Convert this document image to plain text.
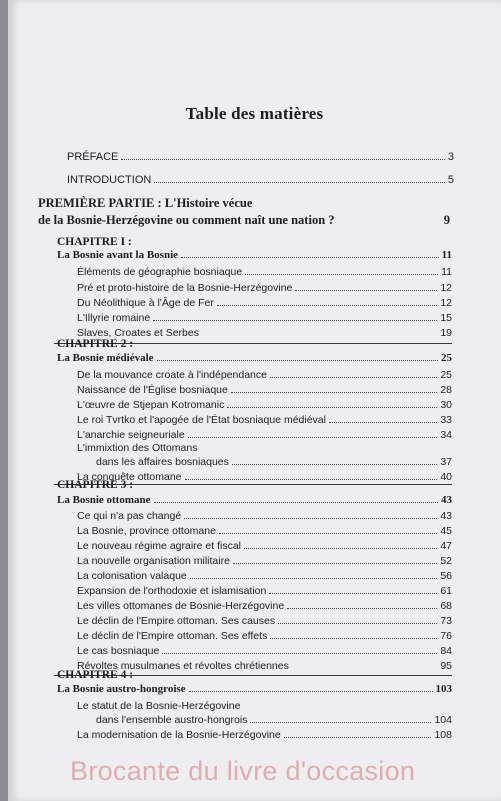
Table des matières
PRÉFACE	3
INTRODUCTION	5
PREMIÈRE PARTIE : L'Histoire vécue
de la Bosnie-Herzégovine ou comment naît une nation ?	9
CHAPITRE I :
La Bosnie avant la Bosnie	11
Éléments de géographie bosniaque	11
Pré et proto-histoire de la Bosnie-Herzégovine	12
Du Néolithique à l'Âge de Fer	12
L'Illyrie romaine	15
Slaves, Croates et Serbes	19
CHAPITRE 2 :
La Bosnie médiévale	25
De la mouvance croate à l'indépendance	25
Naissance de l'Église bosniaque	28
L'œuvre de Stjepan Kotromanic	30
Le roi Tvrtko et l'apogée de l'État bosniaque médiéval	33
L'anarchie seigneuriale	34
L'immixtion des Ottomans
dans les affaires bosniaques	37
La conquête ottomane	40
CHAPITRE 3 :
La Bosnie ottomane	43
Ce qui n'a pas changé	43
La Bosnie, province ottomane	45
Le nouveau régime agraire et fiscal	47
La nouvelle organisation militaire	52
La colonisation valaque	56
Expansion de l'orthodoxie et islamisation	61
Les villes ottomanes de Bosnie-Herzégovine	68
Le déclin de l'Empire ottoman. Ses causes	73
Le déclin de l'Empire ottoman. Ses effets	76
Le cas bosniaque	84
Révoltes musulmanes et révoltes chrétiennes	95
CHAPITRE 4 :
La Bosnie austro-hongroise	103
Le statut de la Bosnie-Herzégovine
dans l'ensemble austro-hongrois	104
La modernisation de la Bosnie-Herzégovine	108
Brocante du livre d'occasion
